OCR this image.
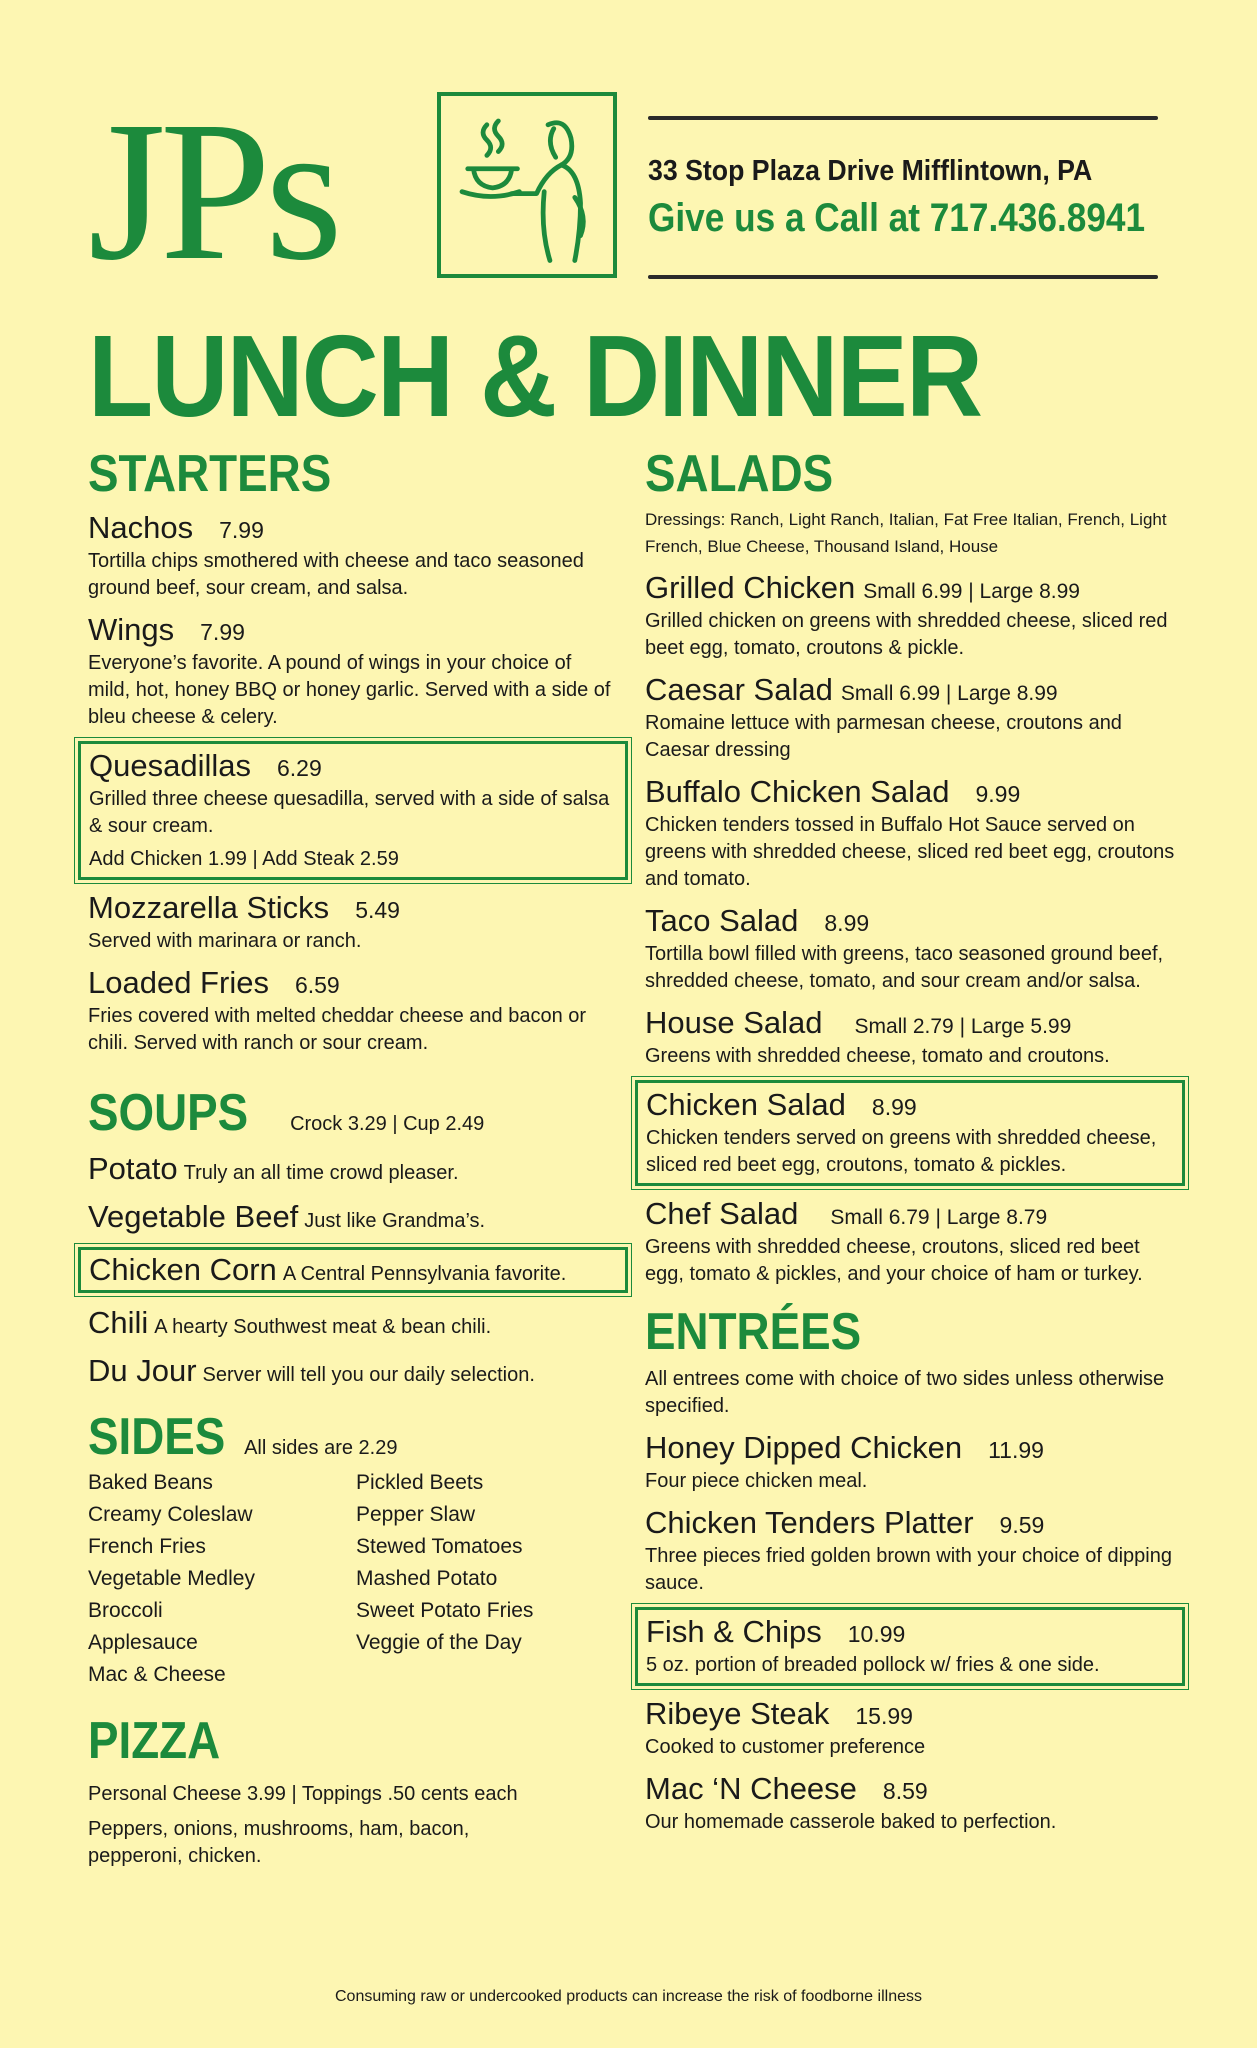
JPs	33 Stop Plaza Drive Mifflintown, PA
Give us a Call at 717.436.8941
LUNCH & DINNER
STARTERS
Nachos 7.99
Tortilla chips smothered with cheese and taco seasoned ground beef, sour cream, and salsa.
Wings 7.99
Everyone’s favorite. A pound of wings in your choice of mild, hot, honey BBQ or honey garlic. Served with a side of bleu cheese & celery.
Quesadillas 6.29
Grilled three cheese quesadilla, served with a side of salsa & sour cream.
Add Chicken 1.99 | Add Steak 2.59
Mozzarella Sticks 5.49
Served with marinara or ranch.
Loaded Fries 6.59
Fries covered with melted cheddar cheese and bacon or chili. Served with ranch or sour cream.
SOUPS Crock 3.29 | Cup 2.49
Potato Truly an all time crowd pleaser.
Vegetable Beef Just like Grandma’s.
Chicken Corn A Central Pennsylvania favorite.
Chili A hearty Southwest meat & bean chili.
Du Jour Server will tell you our daily selection.
SIDES All sides are 2.29
Baked Beans	Pickled Beets
Creamy Coleslaw	Pepper Slaw
French Fries	Stewed Tomatoes
Vegetable Medley	Mashed Potato
Broccoli	Sweet Potato Fries
Applesauce	Veggie of the Day
Mac & Cheese
PIZZA
Personal Cheese 3.99 | Toppings .50 cents each
Peppers, onions, mushrooms, ham, bacon, pepperoni, chicken.
SALADS
Dressings: Ranch, Light Ranch, Italian, Fat Free Italian, French, Light French, Blue Cheese, Thousand Island, House
Grilled Chicken Small 6.99 | Large 8.99
Grilled chicken on greens with shredded cheese, sliced red beet egg, tomato, croutons & pickle.
Caesar Salad Small 6.99 | Large 8.99
Romaine lettuce with parmesan cheese, croutons and Caesar dressing
Buffalo Chicken Salad 9.99
Chicken tenders tossed in Buffalo Hot Sauce served on greens with shredded cheese, sliced red beet egg, croutons and tomato.
Taco Salad 8.99
Tortilla bowl filled with greens, taco seasoned ground beef, shredded cheese, tomato, and sour cream and/or salsa.
House Salad Small 2.79 | Large 5.99
Greens with shredded cheese, tomato and croutons.
Chicken Salad 8.99
Chicken tenders served on greens with shredded cheese, sliced red beet egg, croutons, tomato & pickles.
Chef Salad Small 6.79 | Large 8.79
Greens with shredded cheese, croutons, sliced red beet egg, tomato & pickles, and your choice of ham or turkey.
ENTRÉES
All entrees come with choice of two sides unless otherwise specified.
Honey Dipped Chicken 11.99
Four piece chicken meal.
Chicken Tenders Platter 9.59
Three pieces fried golden brown with your choice of dipping sauce.
Fish & Chips 10.99
5 oz. portion of breaded pollock w/ fries & one side.
Ribeye Steak 15.99
Cooked to customer preference
Mac ‘N Cheese 8.59
Our homemade casserole baked to perfection.
Consuming raw or undercooked products can increase the risk of foodborne illness
